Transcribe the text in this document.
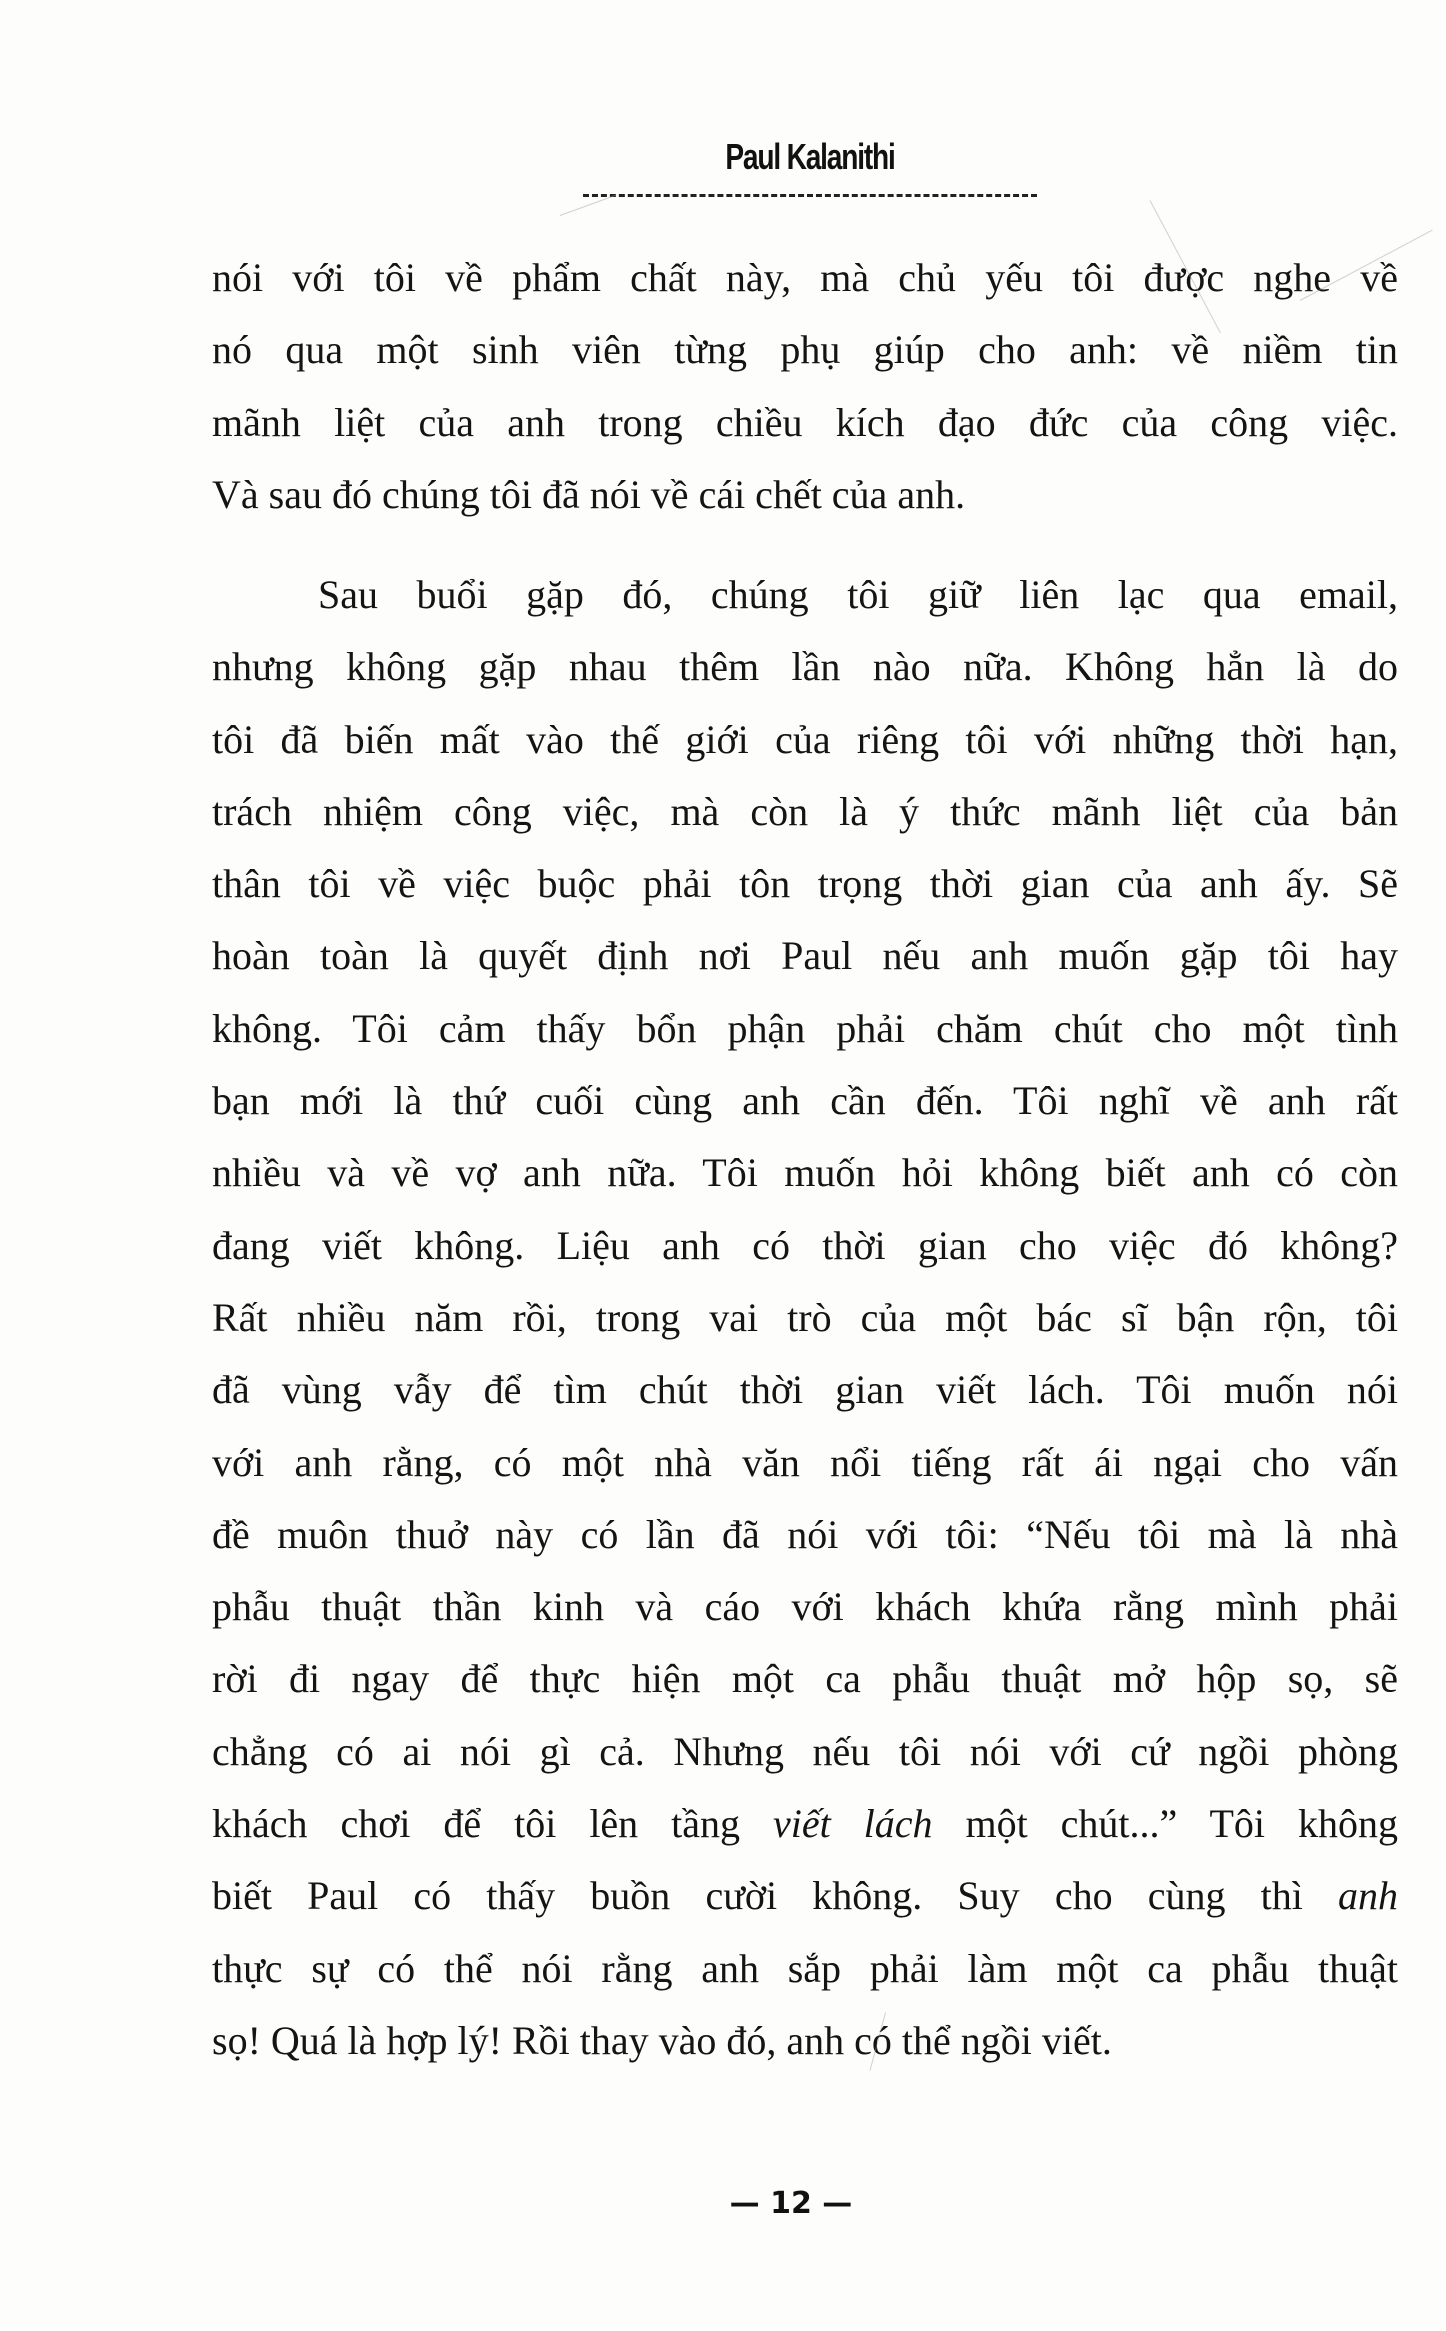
Paul Kalanithi
nói với tôi về phẩm chất này, mà chủ yếu tôi được nghe về
nó qua một sinh viên từng phụ giúp cho anh: về niềm tin
mãnh liệt của anh trong chiều kích đạo đức của công việc.
Và sau đó chúng tôi đã nói về cái chết của anh.
Sau buổi gặp đó, chúng tôi giữ liên lạc qua email,
nhưng không gặp nhau thêm lần nào nữa. Không hẳn là do
tôi đã biến mất vào thế giới của riêng tôi với những thời hạn,
trách nhiệm công việc, mà còn là ý thức mãnh liệt của bản
thân tôi về việc buộc phải tôn trọng thời gian của anh ấy. Sẽ
hoàn toàn là quyết định nơi Paul nếu anh muốn gặp tôi hay
không. Tôi cảm thấy bổn phận phải chăm chút cho một tình
bạn mới là thứ cuối cùng anh cần đến. Tôi nghĩ về anh rất
nhiều và về vợ anh nữa. Tôi muốn hỏi không biết anh có còn
đang viết không. Liệu anh có thời gian cho việc đó không?
Rất nhiều năm rồi, trong vai trò của một bác sĩ bận rộn, tôi
đã vùng vẫy để tìm chút thời gian viết lách. Tôi muốn nói
với anh rằng, có một nhà văn nổi tiếng rất ái ngại cho vấn
đề muôn thuở này có lần đã nói với tôi: “Nếu tôi mà là nhà
phẫu thuật thần kinh và cáo với khách khứa rằng mình phải
rời đi ngay để thực hiện một ca phẫu thuật mở hộp sọ, sẽ
chẳng có ai nói gì cả. Nhưng nếu tôi nói với cứ ngồi phòng
khách chơi để tôi lên tầng viết lách một chút...” Tôi không
biết Paul có thấy buồn cười không. Suy cho cùng thì anh
thực sự có thể nói rằng anh sắp phải làm một ca phẫu thuật
sọ! Quá là hợp lý! Rồi thay vào đó, anh có thể ngồi viết.
— 12 —
